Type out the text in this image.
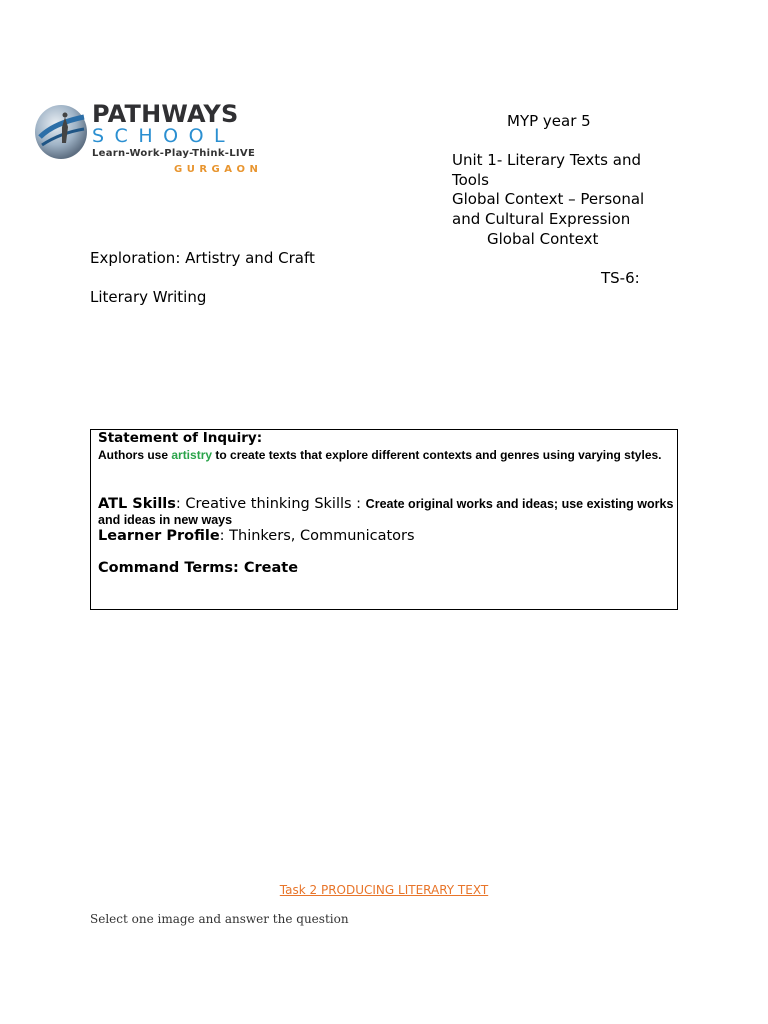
PATHWAYS
SCHOOL
Learn-Work-Play-Think-LIVE
GURGAON
MYP year 5
Unit 1- Literary Texts and
Tools
Global Context – Personal
and Cultural Expression
Global Context
Exploration: Artistry and Craft
TS-6:
Literary Writing
Statement of Inquiry:
Authors use artistry to create texts that explore different contexts and genres using varying styles.
ATL Skills: Creative thinking Skills : Create original works and ideas; use existing works
and ideas in new ways
Learner Profile: Thinkers, Communicators
Command Terms: Create
Task 2 PRODUCING LITERARY TEXT
Select one image and answer the question
